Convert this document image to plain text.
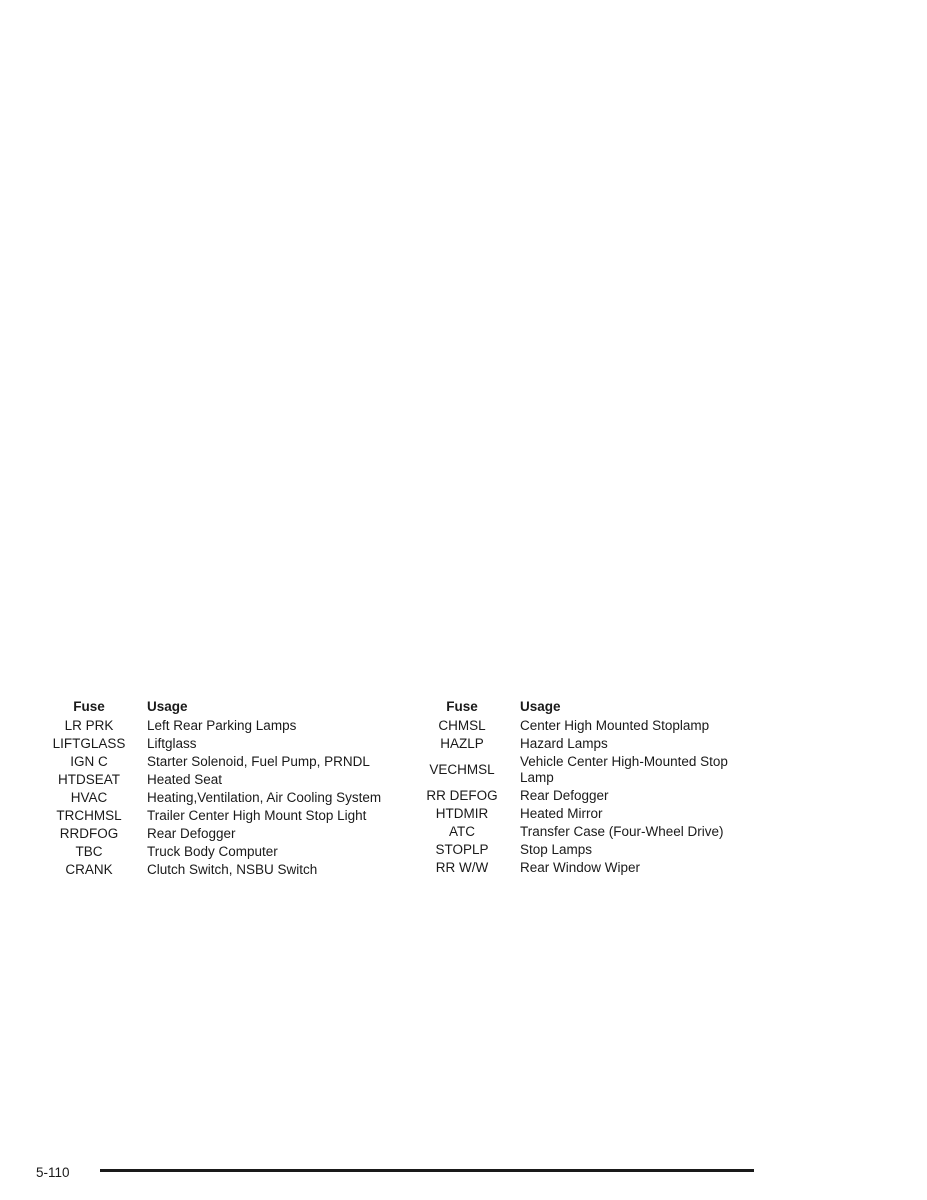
Fuse	Usage
LR PRK	Left Rear Parking Lamps
LIFTGLASS	Liftglass
IGN C	Starter Solenoid, Fuel Pump, PRNDL
HTDSEAT	Heated Seat
HVAC	Heating,Ventilation, Air Cooling System
TRCHMSL	Trailer Center High Mount Stop Light
RRDFOG	Rear Defogger
TBC	Truck Body Computer
CRANK	Clutch Switch, NSBU Switch
Fuse	Usage
CHMSL	Center High Mounted Stoplamp
HAZLP	Hazard Lamps
VECHMSL	Vehicle Center High-Mounted Stop Lamp
RR DEFOG	Rear Defogger
HTDMIR	Heated Mirror
ATC	Transfer Case (Four-Wheel Drive)
STOPLP	Stop Lamps
RR W/W	Rear Window Wiper
5-110
